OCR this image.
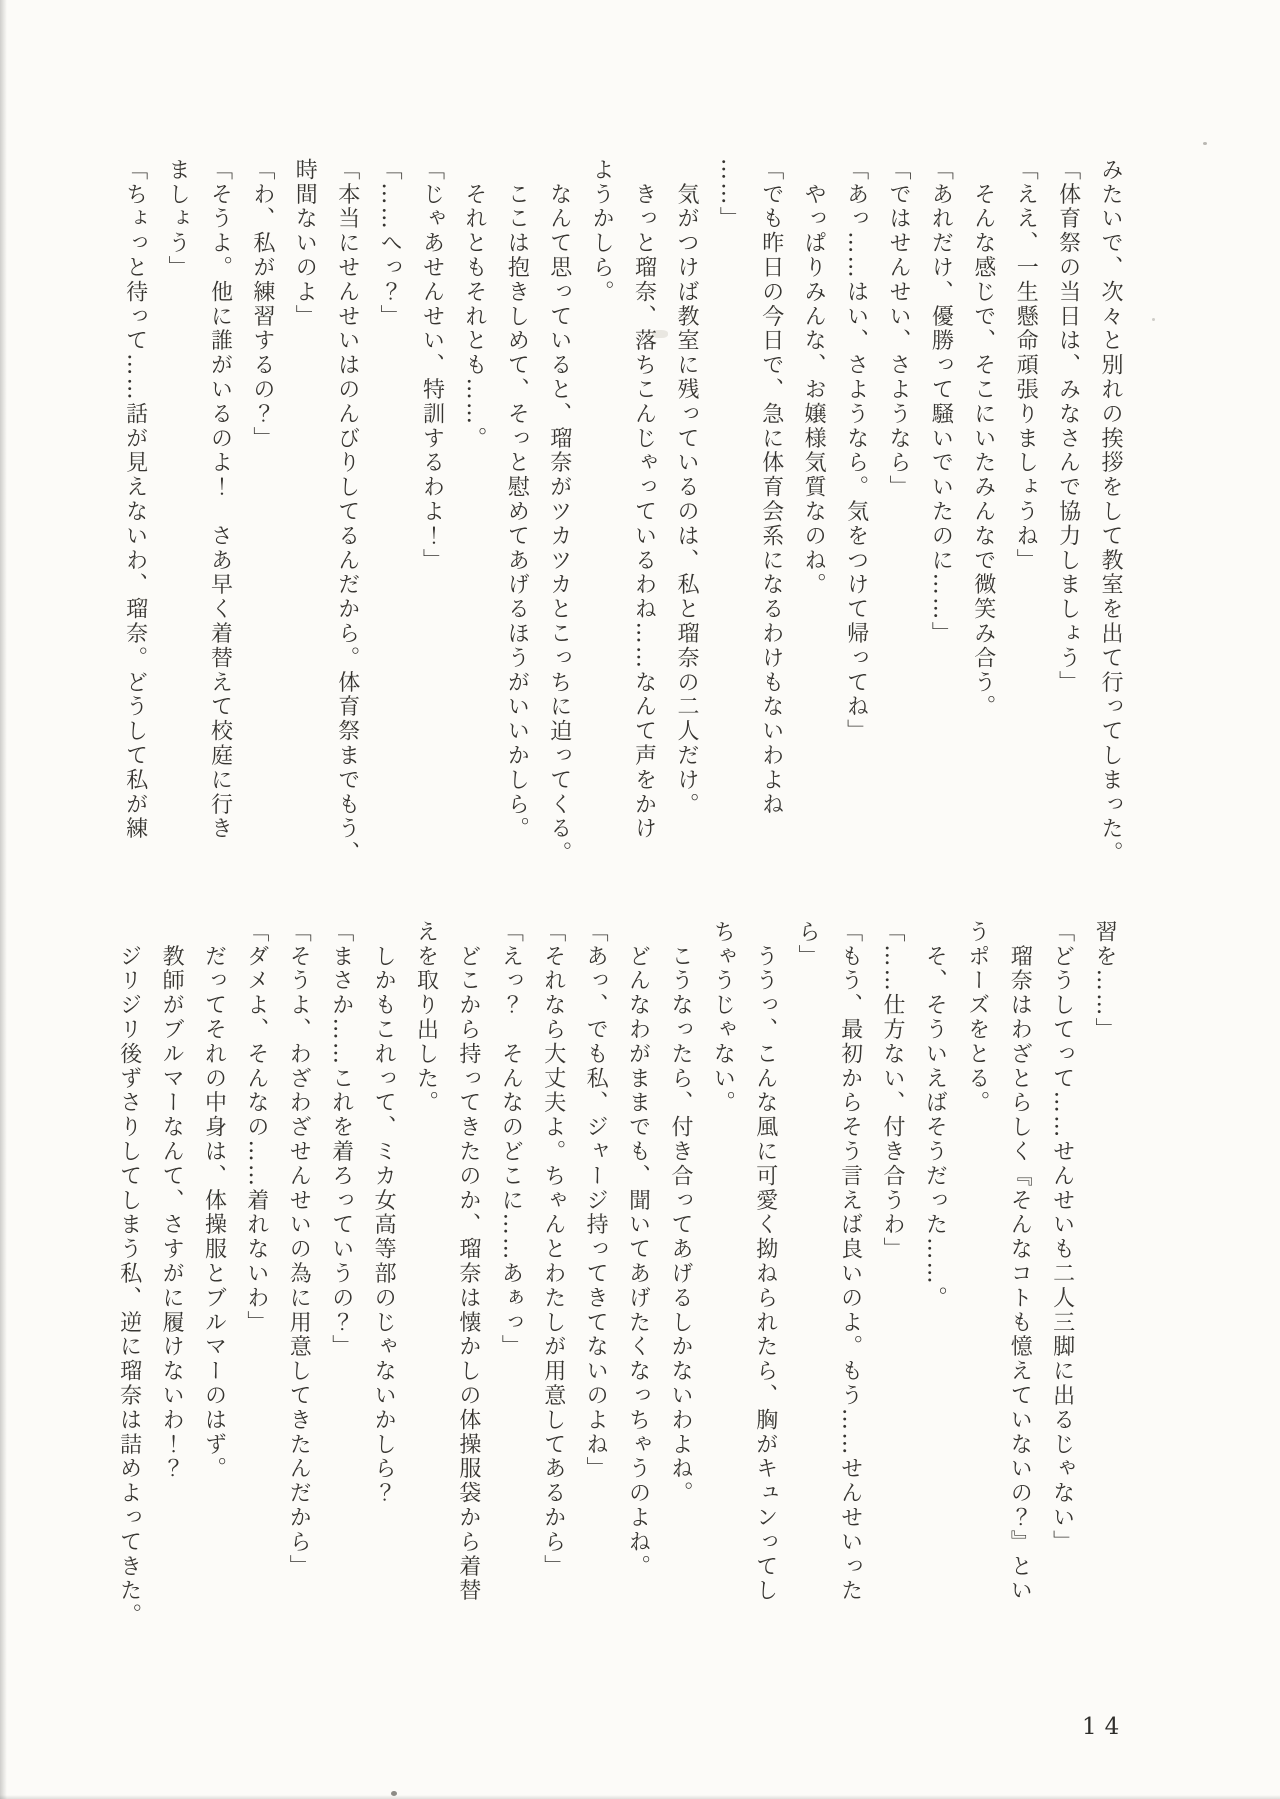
みたいで、次々と別れの挨拶をして教室を出て行ってしまった。

「体育祭の当日は、みなさんで協力しましょう」

「ええ、一生懸命頑張りましょうね」

　そんな感じで、そこにいたみんなで微笑み合う。

「あれだけ、優勝って騒いでいたのに……」

「ではせんせい、さようなら」

「あっ……はい、さようなら。気をつけて帰ってね」

　やっぱりみんな、お嬢様気質なのね。

「でも昨日の今日で、急に体育会系になるわけもないわよね

……」

　気がつけば教室に残っているのは、私と瑠奈の二人だけ。

　きっと瑠奈、落ちこんじゃっているわね……なんて声をかけ

ようかしら。

　なんて思っていると、瑠奈がツカツカとこっちに迫ってくる。

　ここは抱きしめて、そっと慰めてあげるほうがいいかしら。

　それともそれとも……。

「じゃあせんせい、特訓するわよ！」

「……へっ？」

「本当にせんせいはのんびりしてるんだから。体育祭までもう、

時間ないのよ」

「わ、私が練習するの？」

「そうよ。他に誰がいるのよ！　さあ早く着替えて校庭に行き

ましょう」

「ちょっと待って……話が見えないわ、瑠奈。どうして私が練

習を……」

「どうしてって……せんせいも二人三脚に出るじゃない」

　瑠奈はわざとらしく『そんなコトも憶えていないの？』とい

うポーズをとる。

　そ、そういえばそうだった……。

「……仕方ない、付き合うわ」

「もう、最初からそう言えば良いのよ。もう……せんせいった

ら」

　ううっ、こんな風に可愛く拗ねられたら、胸がキュンってし

ちゃうじゃない。

　こうなったら、付き合ってあげるしかないわよね。

　どんなわがままでも、聞いてあげたくなっちゃうのよね。

「あっ、でも私、ジャージ持ってきてないのよね」

「それなら大丈夫よ。ちゃんとわたしが用意してあるから」

「えっ？　そんなのどこに……あぁっ」

　どこから持ってきたのか、瑠奈は懐かしの体操服袋から着替

えを取り出した。

　しかもこれって、ミカ女高等部のじゃないかしら？

「まさか……これを着ろっていうの？」

「そうよ、わざわざせんせいの為に用意してきたんだから」

「ダメよ、そんなの……着れないわ」

　だってそれの中身は、体操服とブルマーのはず。

　教師がブルマーなんて、さすがに履けないわ！？

　ジリジリ後ずさりしてしまう私、逆に瑠奈は詰めよってきた。

14
